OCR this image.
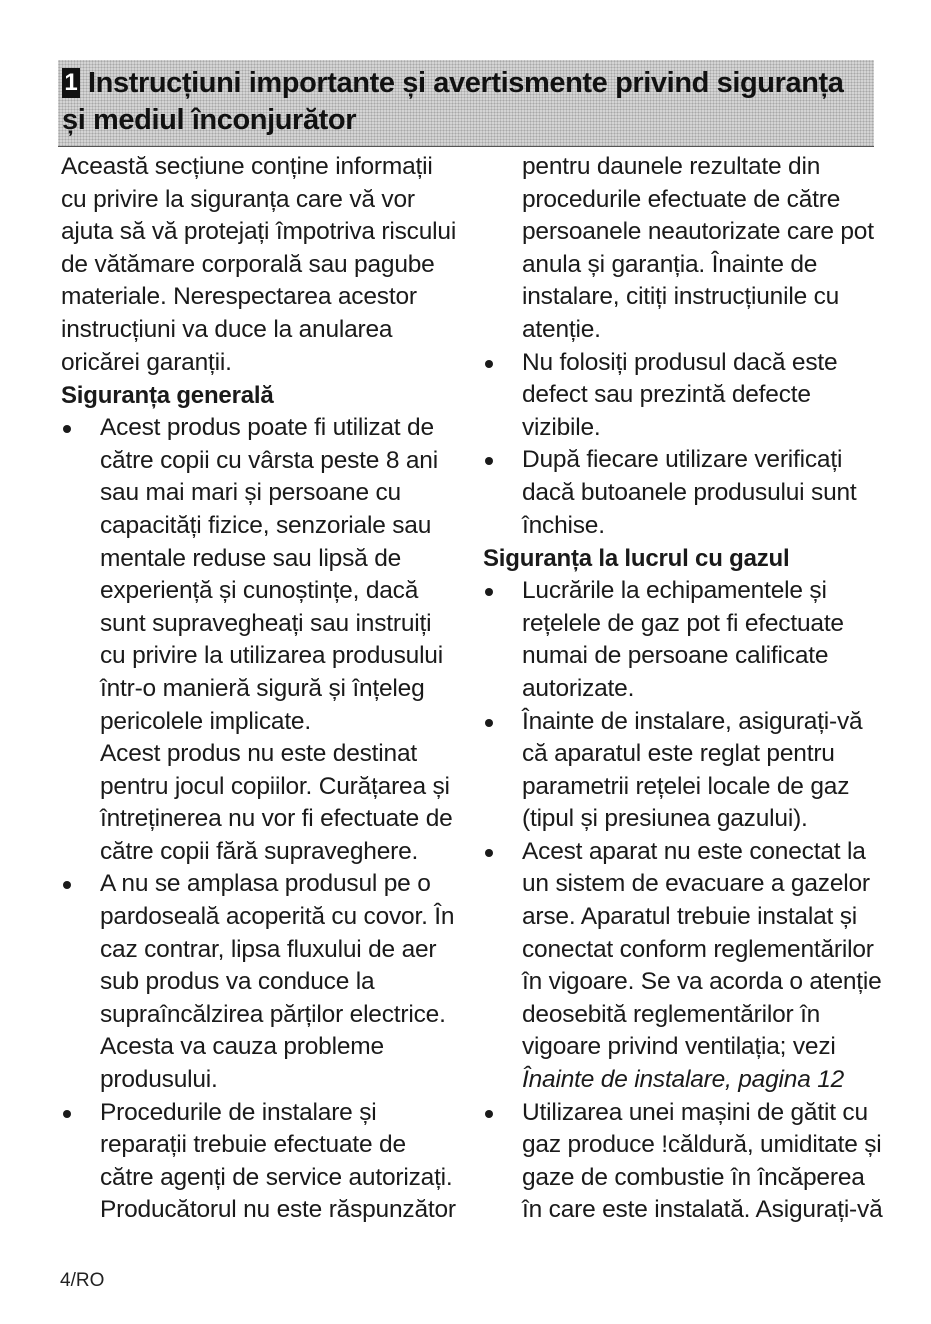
1 Instrucțiuni importante și avertismente privind siguranța și mediul înconjurător

Această secțiune conține informații cu privire la siguranța care vă vor ajuta să vă protejați împotriva riscului de vătămare corporală sau pagube materiale. Nerespectarea acestor instrucțiuni va duce la anularea oricărei garanții.

Siguranța generală

Acest produs poate fi utilizat de către copii cu vârsta peste 8 ani sau mai mari și persoane cu capacități fizice, senzoriale sau mentale reduse sau lipsă de experiență și cunoștințe, dacă sunt supravegheați sau instruiți cu privire la utilizarea produsului într-o manieră sigură și înțeleg pericolele implicate.

Acest produs nu este destinat pentru jocul copiilor. Curățarea și întreținerea nu vor fi efectuate de către copii fără supraveghere.

A nu se amplasa produsul pe o pardoseală acoperită cu covor. În caz contrar, lipsa fluxului de aer sub produs va conduce la supraîncălzirea părților electrice. Acesta va cauza probleme produsului.
Procedurile de instalare și reparații trebuie efectuate de către agenți de service autorizați. Producătorul nu este răspunzător

pentru daunele rezultate din procedurile efectuate de către persoanele neautorizate care pot anula și garanția. Înainte de instalare, citiți instrucțiunile cu atenție.

Nu folosiți produsul dacă este defect sau prezintă defecte vizibile.
După fiecare utilizare verificați dacă butoanele produsului sunt închise.

Siguranța la lucrul cu gazul

Lucrările la echipamentele și rețelele de gaz pot fi efectuate numai de persoane calificate autorizate.
Înainte de instalare, asigurați-vă că aparatul este reglat pentru parametrii rețelei locale de gaz (tipul și presiunea gazului).
Acest aparat nu este conectat la un sistem de evacuare a gazelor arse. Aparatul trebuie instalat și conectat conform reglementărilor în vigoare. Se va acorda o atenție deosebită reglementărilor în vigoare privind ventilația; vezi
Înainte de instalare, pagina 12
Utilizarea unei mașini de gătit cu gaz produce !căldură, umiditate și gaze de combustie în încăperea în care este instalată. Asigurați-vă
4/RO
